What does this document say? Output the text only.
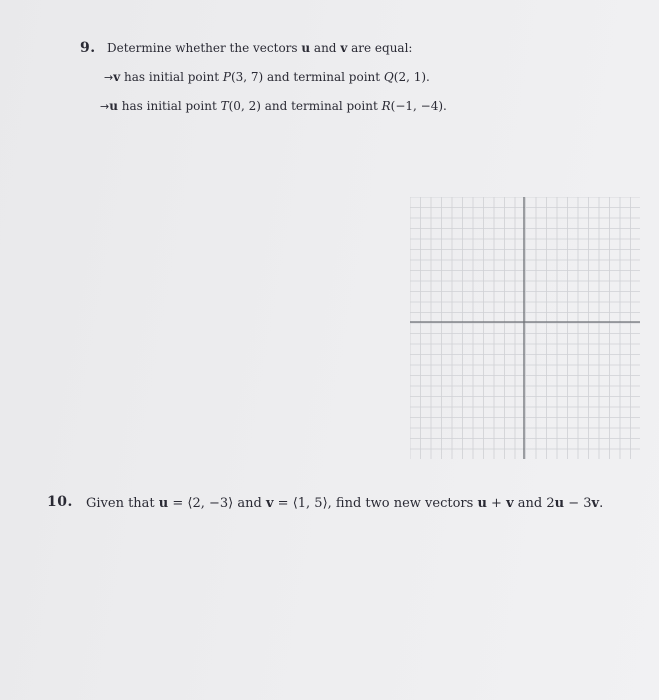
9. Determine whether the vectors u and v are equal:
→v has initial point P(3, 7) and terminal point Q(2, 1).
→u has initial point T(0, 2) and terminal point R(−1, −4).
10. Given that u = ⟨2, −3⟩ and v = ⟨1, 5⟩, find two new vectors u + v and 2u − 3v.
